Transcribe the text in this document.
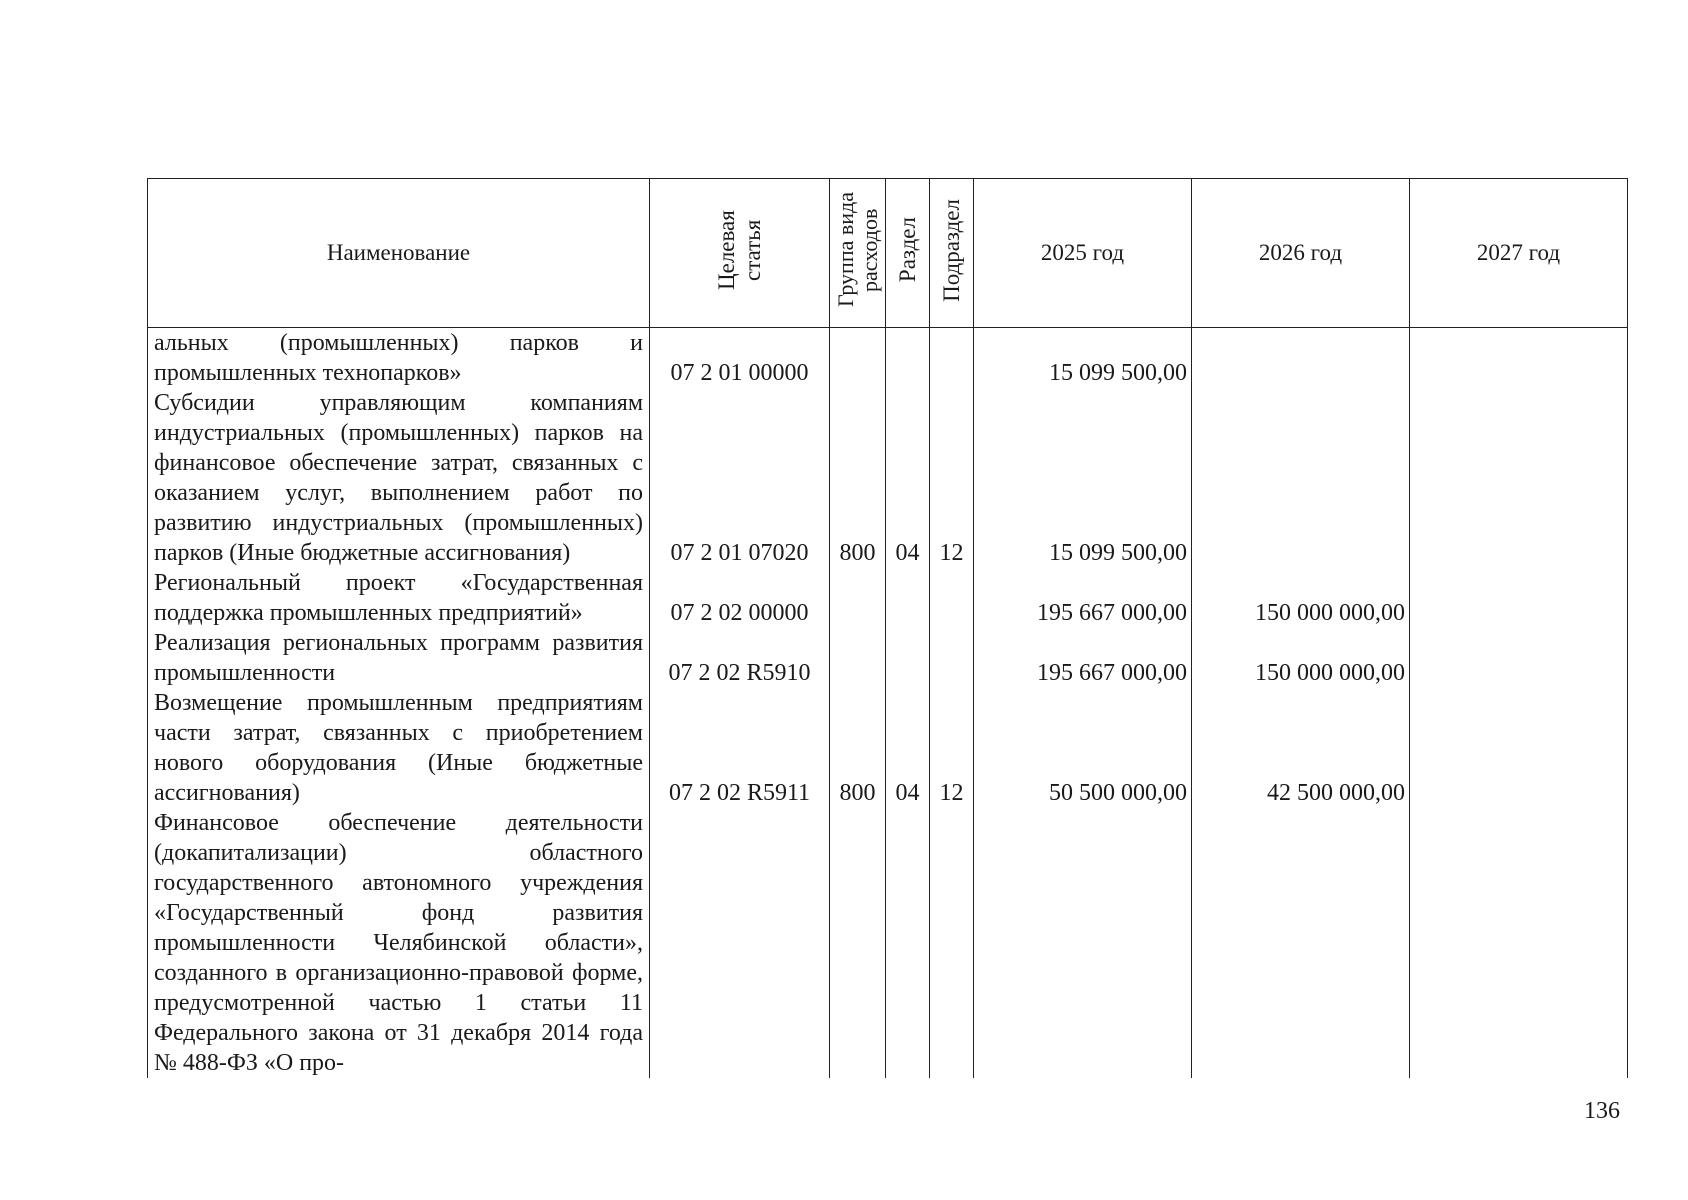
Наименование	Целевая статья	Группа вида расходов	Раздел	Подраздел	2025 год	2026 год	2027 год
альных (промышленных) парков и промышленных технопарков»	07 2 01 00000				15 099 500,00		
Субсидии управляющим компаниям индустриальных (промышленных) парков на финансовое обеспечение затрат, связанных с оказанием услуг, выполнением работ по развитию индустриальных (промышленных) парков (Иные бюджетные ассигнования)	07 2 01 07020	800	04	12	15 099 500,00		
Региональный проект «Государственная поддержка промышленных предприятий»	07 2 02 00000				195 667 000,00	150 000 000,00	
Реализация региональных программ развития промышленности	07 2 02 R5910				195 667 000,00	150 000 000,00	
Возмещение промышленным предприятиям части затрат, связанных с приобретением нового оборудования (Иные бюджетные ассигнования)	07 2 02 R5911	800	04	12	50 500 000,00	42 500 000,00	
Финансовое обеспечение деятельности (докапитализации) областного государственного автономного учреждения «Государственный фонд развития промышленности Челябинской области», созданного в организационно-правовой форме, предусмотренной частью 1 статьи 11 Федерального закона от 31 декабря 2014 года № 488-ФЗ «О про-							
136
